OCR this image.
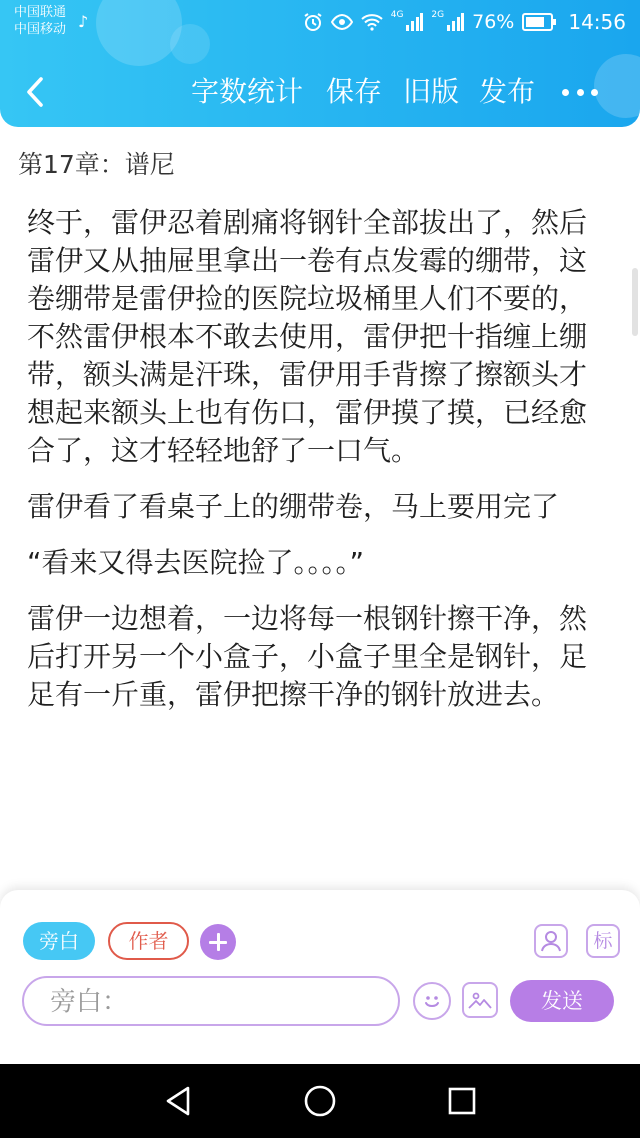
中国联通
中国移动 ♪	4G	2G 76%	14:56
字数统计 保存 旧版 发布
第17章：谱尼

终于，雷伊忍着剧痛将钢针全部拔出了，然后雷伊又从抽屉里拿出一卷有点发霉的绷带，这卷绷带是雷伊捡的医院垃圾桶里人们不要的，不然雷伊根本不敢去使用，雷伊把十指缠上绷带，额头满是汗珠，雷伊用手背擦了擦额头才想起来额头上也有伤口，雷伊摸了摸，已经愈合了，这才轻轻地舒了一口气。

雷伊看了看桌子上的绷带卷，马上要用完了

“看来又得去医院捡了。。。。”

雷伊一边想着，一边将每一根钢针擦干净，然后打开另一个小盒子，小盒子里全是钢针，足足有一斤重，雷伊把擦干净的钢针放进去。

旁白	作者	标
旁白：
发送
